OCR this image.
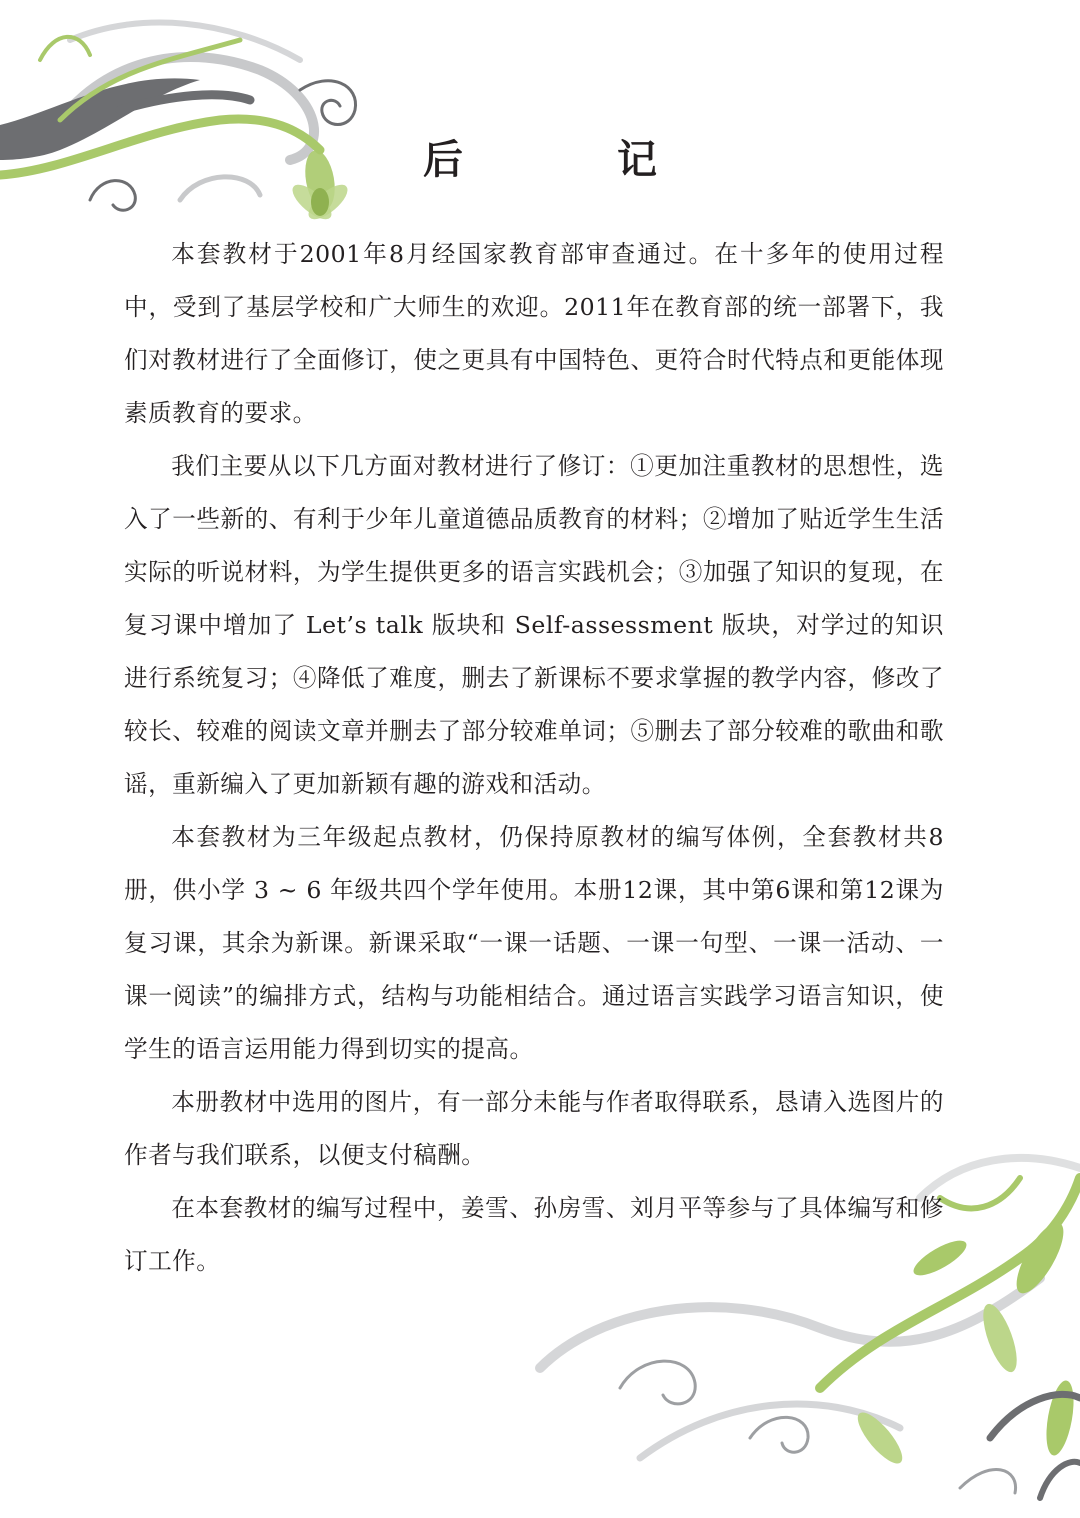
后 记

本套教材于2001年8月经国家教育部审查通过。在十多年的使用过程中，受到了基层学校和广大师生的欢迎。2011年在教育部的统一部署下，我们对教材进行了全面修订，使之更具有中国特色、更符合时代特点和更能体现素质教育的要求。

我们主要从以下几方面对教材进行了修订：①更加注重教材的思想性，选入了一些新的、有利于少年儿童道德品质教育的材料；②增加了贴近学生生活实际的听说材料，为学生提供更多的语言实践机会；③加强了知识的复现，在复习课中增加了 Let’s talk 版块和 Self-assessment 版块，对学过的知识进行系统复习；④降低了难度，删去了新课标不要求掌握的教学内容，修改了较长、较难的阅读文章并删去了部分较难单词；⑤删去了部分较难的歌曲和歌谣，重新编入了更加新颖有趣的游戏和活动。

本套教材为三年级起点教材，仍保持原教材的编写体例，全套教材共8册，供小学 3 ~ 6 年级共四个学年使用。本册12课，其中第6课和第12课为复习课，其余为新课。新课采取“一课一话题、一课一句型、一课一活动、一课一阅读”的编排方式，结构与功能相结合。通过语言实践学习语言知识，使学生的语言运用能力得到切实的提高。

本册教材中选用的图片，有一部分未能与作者取得联系，恳请入选图片的作者与我们联系，以便支付稿酬。

在本套教材的编写过程中，姜雪、孙房雪、刘月平等参与了具体编写和修订工作。
